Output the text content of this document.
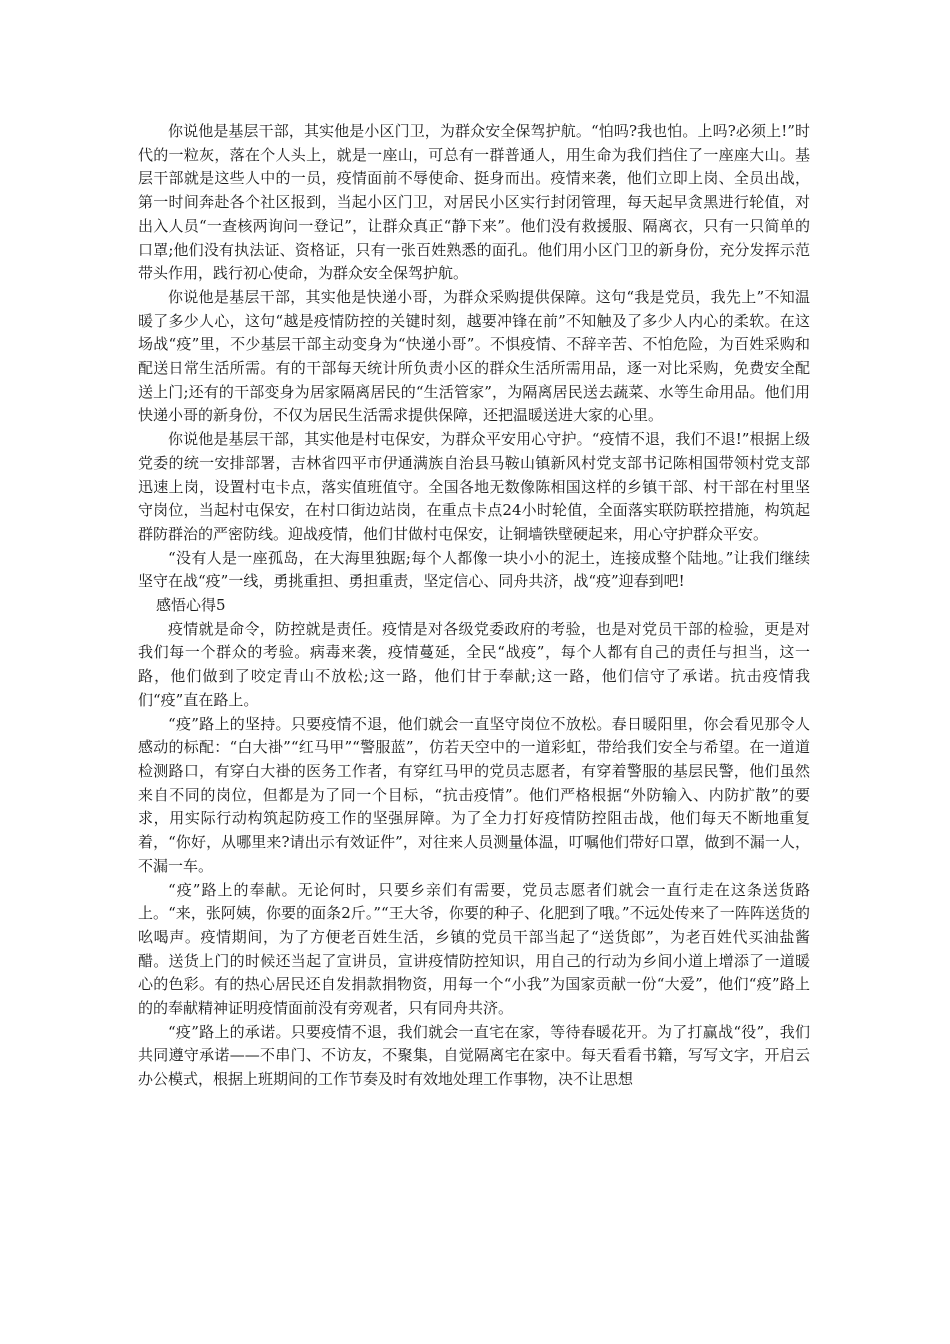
你说他是基层干部，其实他是小区门卫，为群众安全保驾护航。“怕吗?我也怕。上吗?必须上!”时代的一粒灰，落在个人头上，就是一座山，可总有一群普通人，用生命为我们挡住了一座座大山。基层干部就是这些人中的一员，疫情面前不辱使命、挺身而出。疫情来袭，他们立即上岗、全员出战，第一时间奔赴各个社区报到，当起小区门卫，对居民小区实行封闭管理，每天起早贪黑进行轮值，对出入人员“一查核两询问一登记”，让群众真正“静下来”。他们没有救援服、隔离衣，只有一只简单的口罩;他们没有执法证、资格证，只有一张百姓熟悉的面孔。他们用小区门卫的新身份，充分发挥示范带头作用，践行初心使命，为群众安全保驾护航。

你说他是基层干部，其实他是快递小哥，为群众采购提供保障。这句“我是党员，我先上”不知温暖了多少人心，这句“越是疫情防控的关键时刻，越要冲锋在前”不知触及了多少人内心的柔软。在这场战“疫”里，不少基层干部主动变身为“快递小哥”。不惧疫情、不辞辛苦、不怕危险，为百姓采购和配送日常生活所需。有的干部每天统计所负责小区的群众生活所需用品，逐一对比采购，免费安全配送上门;还有的干部变身为居家隔离居民的“生活管家”，为隔离居民送去蔬菜、水等生命用品。他们用快递小哥的新身份，不仅为居民生活需求提供保障，还把温暖送进大家的心里。

你说他是基层干部，其实他是村屯保安，为群众平安用心守护。“疫情不退，我们不退!”根据上级党委的统一安排部署，吉林省四平市伊通满族自治县马鞍山镇新风村党支部书记陈相国带领村党支部迅速上岗，设置村屯卡点，落实值班值守。全国各地无数像陈相国这样的乡镇干部、村干部在村里坚守岗位，当起村屯保安，在村口街边站岗，在重点卡点24小时轮值，全面落实联防联控措施，构筑起群防群治的严密防线。迎战疫情，他们甘做村屯保安，让铜墙铁壁硬起来，用心守护群众平安。

“没有人是一座孤岛，在大海里独踞;每个人都像一块小小的泥土，连接成整个陆地。”让我们继续坚守在战“疫”一线，勇挑重担、勇担重责，坚定信心、同舟共济，战“疫”迎春到吧!

感悟心得5

疫情就是命令，防控就是责任。疫情是对各级党委政府的考验，也是对党员干部的检验，更是对我们每一个群众的考验。病毒来袭，疫情蔓延，全民“战疫”，每个人都有自己的责任与担当，这一路，他们做到了咬定青山不放松;这一路，他们甘于奉献;这一路，他们信守了承诺。抗击疫情我们“疫”直在路上。

“疫”路上的坚持。只要疫情不退，他们就会一直坚守岗位不放松。春日暖阳里，你会看见那令人感动的标配：“白大褂”“红马甲”“警服蓝”，仿若天空中的一道彩虹，带给我们安全与希望。在一道道检测路口，有穿白大褂的医务工作者，有穿红马甲的党员志愿者，有穿着警服的基层民警，他们虽然来自不同的岗位，但都是为了同一个目标，“抗击疫情”。他们严格根据“外防输入、内防扩散”的要求，用实际行动构筑起防疫工作的坚强屏障。为了全力打好疫情防控阻击战，他们每天不断地重复着，“你好，从哪里来?请出示有效证件”，对往来人员测量体温，叮嘱他们带好口罩，做到不漏一人，不漏一车。

“疫”路上的奉献。无论何时，只要乡亲们有需要，党员志愿者们就会一直行走在这条送货路上。“来，张阿姨，你要的面条2斤。”“王大爷，你要的种子、化肥到了哦。”不远处传来了一阵阵送货的吆喝声。疫情期间，为了方便老百姓生活，乡镇的党员干部当起了“送货郎”，为老百姓代买油盐酱醋。送货上门的时候还当起了宣讲员，宣讲疫情防控知识，用自己的行动为乡间小道上增添了一道暖心的色彩。有的热心居民还自发捐款捐物资，用每一个“小我”为国家贡献一份“大爱”，他们“疫”路上的的奉献精神证明疫情面前没有旁观者，只有同舟共济。

“疫”路上的承诺。只要疫情不退，我们就会一直宅在家，等待春暖花开。为了打赢战“役”，我们共同遵守承诺——不串门、不访友，不聚集，自觉隔离宅在家中。每天看看书籍，写写文字，开启云办公模式，根据上班期间的工作节奏及时有效地处理工作事物，决不让思想
